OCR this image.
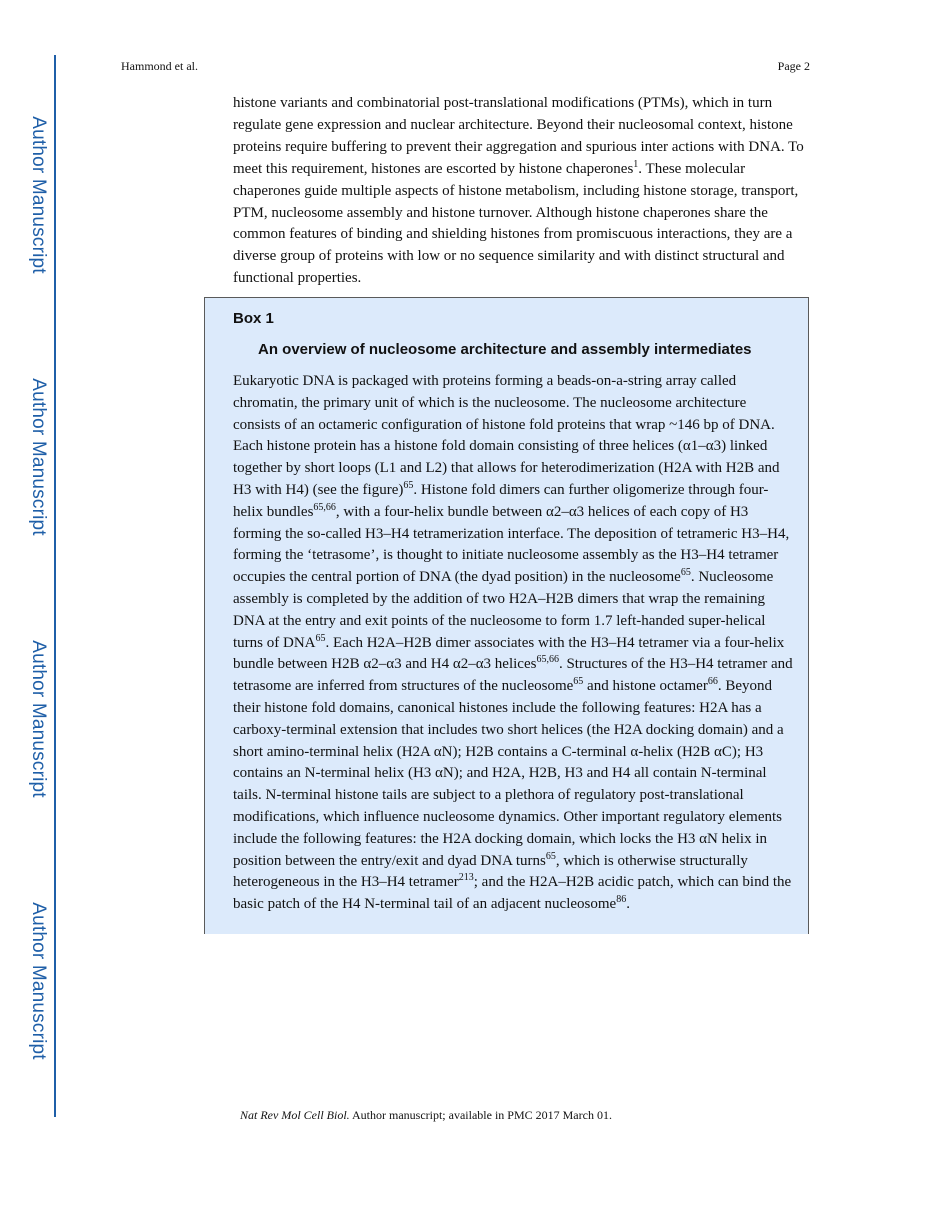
Author Manuscript
Author Manuscript
Author Manuscript
Author Manuscript
Hammond et al.	Page 2

histone variants and combinatorial post-translational modifications (PTMs), which in turn regulate gene expression and nuclear architecture. Beyond their nucleosomal context, histone proteins require buffering to prevent their aggregation and spurious inter actions with DNA. To meet this requirement, histones are escorted by histone chaperones$^1$. These molecular chaperones guide multiple aspects of histone metabolism, including histone storage, transport, PTM, nucleosome assembly and histone turnover. Although histone chaperones share the common features of binding and shielding histones from promiscuous interactions, they are a diverse group of proteins with low or no sequence similarity and with distinct structural and functional properties.

Box 1
An overview of nucleosome architecture and assembly intermediates

Eukaryotic DNA is packaged with proteins forming a beads-on-a-string array called chromatin, the primary unit of which is the nucleosome. The nucleosome architecture consists of an octameric configuration of histone fold proteins that wrap ~146 bp of DNA. Each histone protein has a histone fold domain consisting of three helices (α1–α3) linked together by short loops (L1 and L2) that allows for heterodimerization (H2A with H2B and H3 with H4) (see the figure)$^{65}$. Histone fold dimers can further oligomerize through four-helix bundles$^{65,66}$, with a four-helix bundle between α2–α3 helices of each copy of H3 forming the so-called H3–H4 tetramerization interface. The deposition of tetrameric H3–H4, forming the ‘tetrasome’, is thought to initiate nucleosome assembly as the H3–H4 tetramer occupies the central portion of DNA (the dyad position) in the nucleosome$^{65}$. Nucleosome assembly is completed by the addition of two H2A–H2B dimers that wrap the remaining DNA at the entry and exit points of the nucleosome to form 1.7 left-handed super-helical turns of DNA$^{65}$. Each H2A–H2B dimer associates with the H3–H4 tetramer via a four-helix bundle between H2B α2–α3 and H4 α2–α3 helices$^{65,66}$. Structures of the H3–H4 tetramer and tetrasome are inferred from structures of the nucleosome$^{65}$ and histone octamer$^{66}$. Beyond their histone fold domains, canonical histones include the following features: H2A has a carboxy-terminal extension that includes two short helices (the H2A docking domain) and a short amino-terminal helix (H2A αN); H2B contains a C-terminal α-helix (H2B αC); H3 contains an N-terminal helix (H3 αN); and H2A, H2B, H3 and H4 all contain N-terminal tails. N-terminal histone tails are subject to a plethora of regulatory post-translational modifications, which influence nucleosome dynamics. Other important regulatory elements include the following features: the H2A docking domain, which locks the H3 αN helix in position between the entry/exit and dyad DNA turns$^{65}$, which is otherwise structurally heterogeneous in the H3–H4 tetramer$^{213}$; and the H2A–H2B acidic patch, which can bind the basic patch of the H4 N-terminal tail of an adjacent nucleosome$^{86}$.

Nat Rev Mol Cell Biol. Author manuscript; available in PMC 2017 March 01.
